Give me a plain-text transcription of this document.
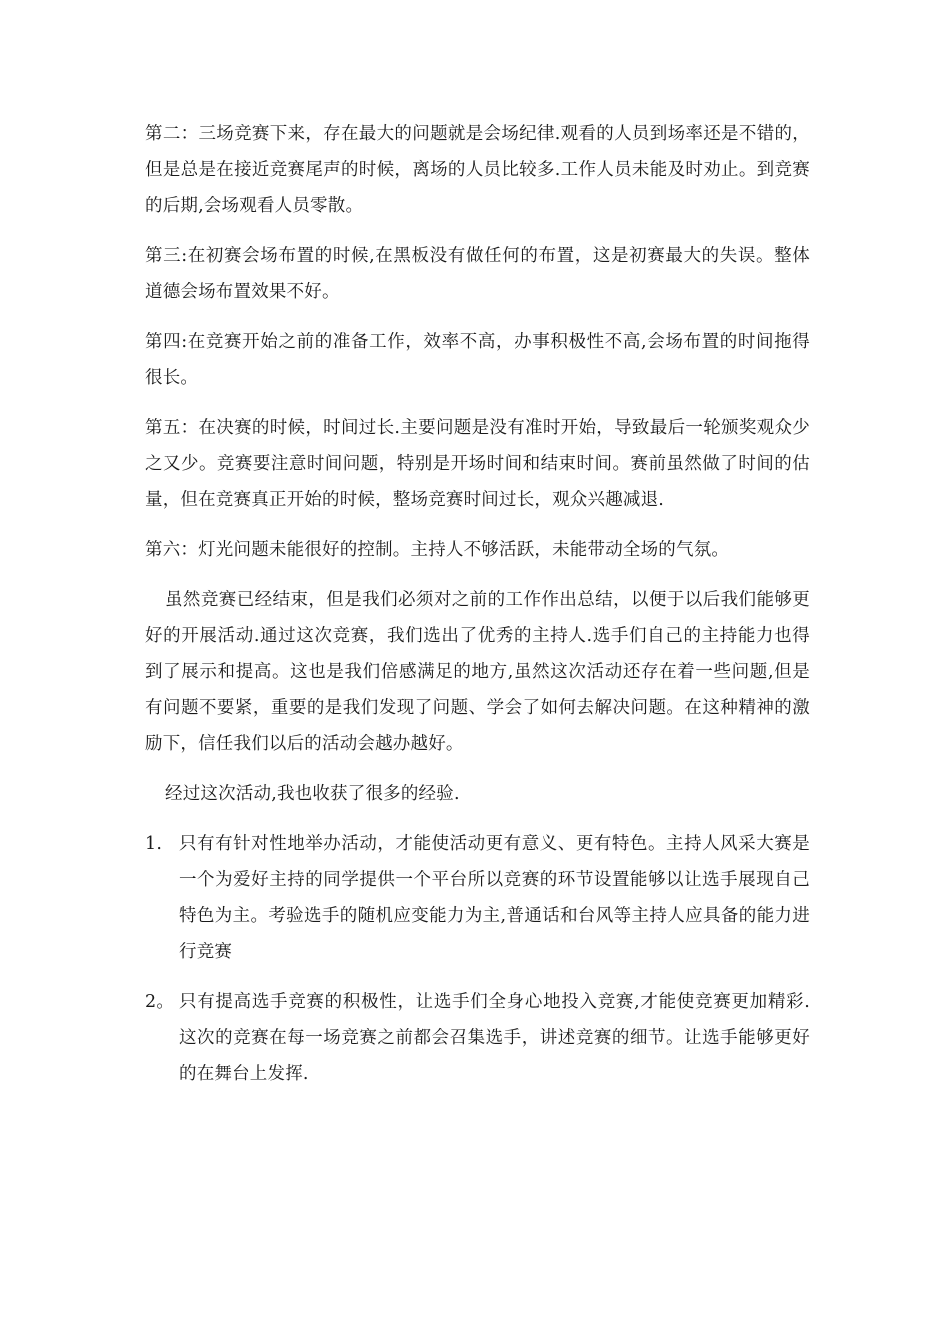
第二：三场竞赛下来，存在最大的问题就是会场纪律.观看的人员到场率还是不错的，但是总是在接近竞赛尾声的时候，离场的人员比较多.工作人员未能及时劝止。到竞赛的后期,会场观看人员零散。

第三:在初赛会场布置的时候,在黑板没有做任何的布置，这是初赛最大的失误。整体道德会场布置效果不好。

第四:在竞赛开始之前的准备工作，效率不高，办事积极性不高,会场布置的时间拖得很长。

第五：在决赛的时候，时间过长.主要问题是没有准时开始，导致最后一轮颁奖观众少之又少。竞赛要注意时间问题，特别是开场时间和结束时间。赛前虽然做了时间的估量，但在竞赛真正开始的时候，整场竞赛时间过长，观众兴趣减退.

第六：灯光问题未能很好的控制。主持人不够活跃，未能带动全场的气氛。

虽然竞赛已经结束，但是我们必须对之前的工作作出总结，以便于以后我们能够更好的开展活动.通过这次竞赛，我们选出了优秀的主持人.选手们自己的主持能力也得到了展示和提高。这也是我们倍感满足的地方,虽然这次活动还存在着一些问题,但是有问题不要紧，重要的是我们发现了问题、学会了如何去解决问题。在这种精神的激励下，信任我们以后的活动会越办越好。

经过这次活动,我也收获了很多的经验.

1. 只有有针对性地举办活动，才能使活动更有意义、更有特色。主持人风采大赛是一个为爱好主持的同学提供一个平台所以竞赛的环节设置能够以让选手展现自己特色为主。考验选手的随机应变能力为主,普通话和台风等主持人应具备的能力进行竞赛
2。 只有提高选手竞赛的积极性，让选手们全身心地投入竞赛,才能使竞赛更加精彩.这次的竞赛在每一场竞赛之前都会召集选手，讲述竞赛的细节。让选手能够更好的在舞台上发挥.
